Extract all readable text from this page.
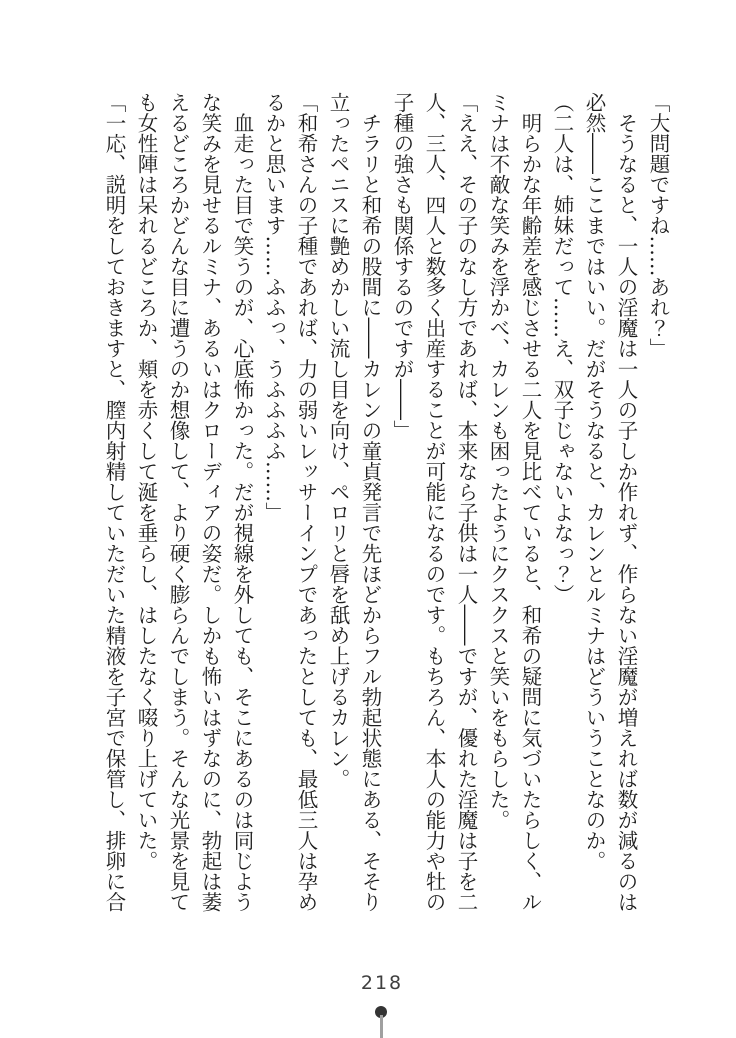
「大問題ですね……あれ？」
　そうなると、一人の淫魔は一人の子しか作れず、作らない淫魔が増えれば数が減るのは
必然――ここまではいい。だがそうなると、カレンとルミナはどういうことなのか。
（二人は、姉妹だって……え、双子じゃないよなっ？）
　明らかな年齢差を感じさせる二人を見比べていると、和希の疑問に気づいたらしく、ル
ミナは不敵な笑みを浮かべ、カレンも困ったようにクスクスと笑いをもらした。
「ええ、その子のなし方であれば、本来なら子供は一人――ですが、優れた淫魔は子を二
人、三人、四人と数多く出産することが可能になるのです。もちろん、本人の能力や牡の
子種の強さも関係するのですが――」
　チラリと和希の股間に――カレンの童貞発言で先ほどからフル勃起状態にある、そそり
立ったペニスに艶めかしい流し目を向け、ペロリと唇を舐め上げるカレン。
「和希さんの子種であれば、力の弱いレッサーインプであったとしても、最低三人は孕め
るかと思います……ふふっ、うふふふふ……」
　血走った目で笑うのが、心底怖かった。だが視線を外しても、そこにあるのは同じよう
な笑みを見せるルミナ、あるいはクローディアの姿だ。しかも怖いはずなのに、勃起は萎
えるどころかどんな目に遭うのか想像して、より硬く膨らんでしまう。そんな光景を見て
も女性陣は呆れるどころか、頬を赤くして涎を垂らし、はしたなく啜り上げていた。
「一応、説明をしておきますと、膣内射精していただいた精液を子宮で保管し、排卵に合
218
